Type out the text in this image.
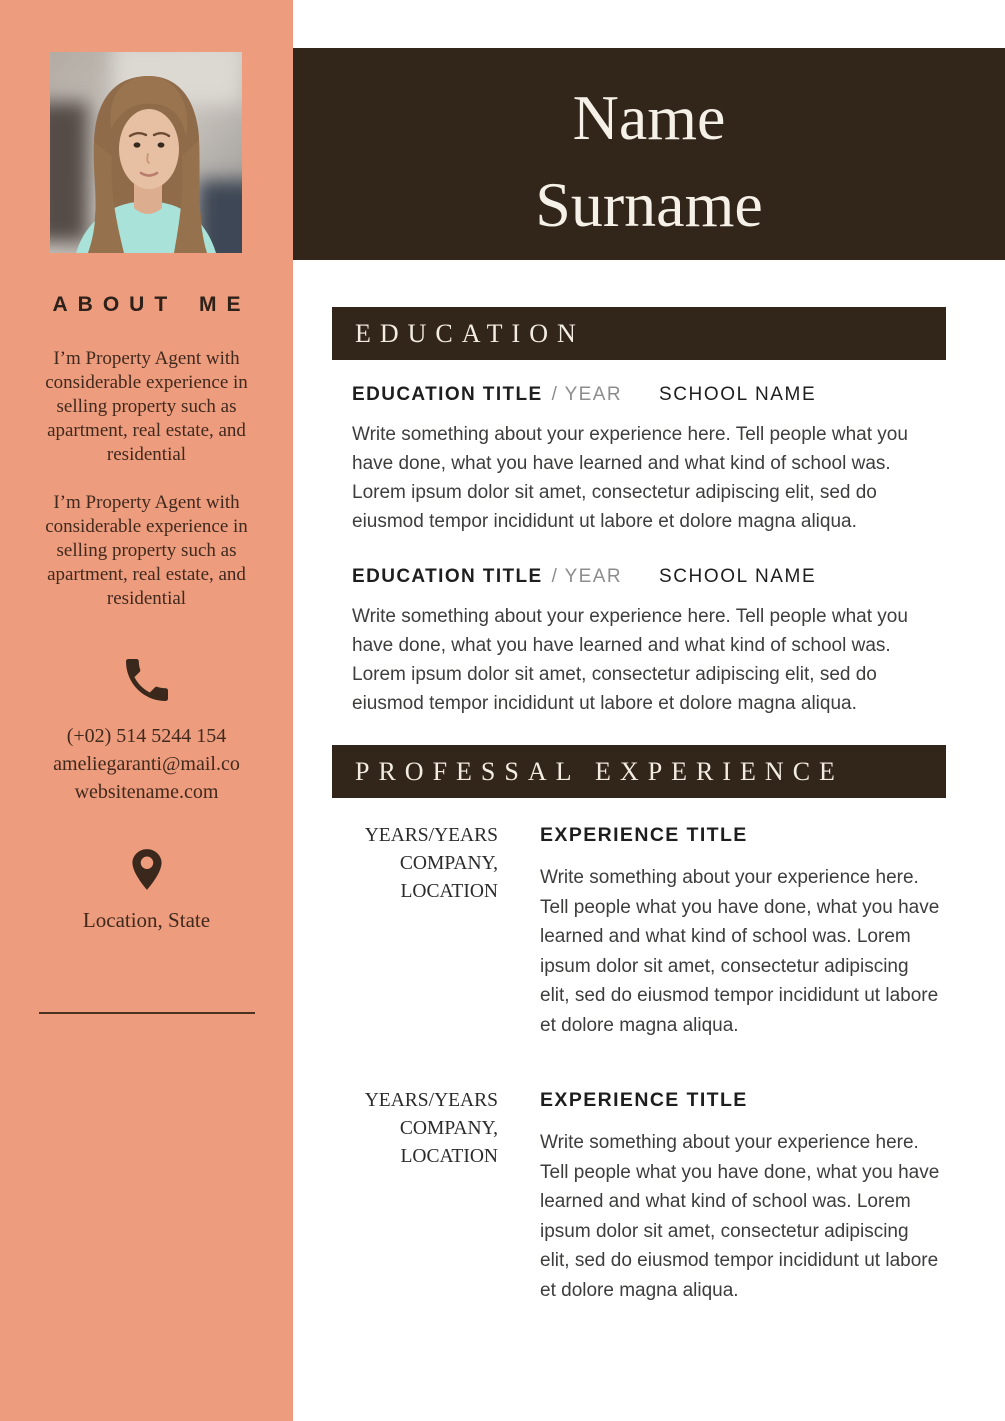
ABOUT ME

I’m Property Agent with considerable experience in selling property such as apartment, real estate, and residential

I’m Property Agent with considerable experience in selling property such as apartment, real estate, and residential

(+02) 514 5244 154
ameliegaranti@mail.co
websitename.com
Location, State
Name
Surname
EDUCATION
EDUCATION TITLE / YEAR SCHOOL NAME

Write something about your experience here. Tell people what you have done, what you have learned and what kind of school was. Lorem ipsum dolor sit amet, consectetur adipiscing elit, sed do eiusmod tempor incididunt ut labore et dolore magna aliqua.

EDUCATION TITLE / YEAR SCHOOL NAME

Write something about your experience here. Tell people what you have done, what you have learned and what kind of school was. Lorem ipsum dolor sit amet, consectetur adipiscing elit, sed do eiusmod tempor incididunt ut labore et dolore magna aliqua.

PROFESSAL EXPERIENCE
YEARS/YEARS
COMPANY,
LOCATION
EXPERIENCE TITLE

Write something about your experience here. Tell people what you have done, what you have learned and what kind of school was. Lorem ipsum dolor sit amet, consectetur adipiscing elit, sed do eiusmod tempor incididunt ut labore et dolore magna aliqua.

YEARS/YEARS
COMPANY,
LOCATION
EXPERIENCE TITLE

Write something about your experience here. Tell people what you have done, what you have learned and what kind of school was. Lorem ipsum dolor sit amet, consectetur adipiscing elit, sed do eiusmod tempor incididunt ut labore et dolore magna aliqua.
